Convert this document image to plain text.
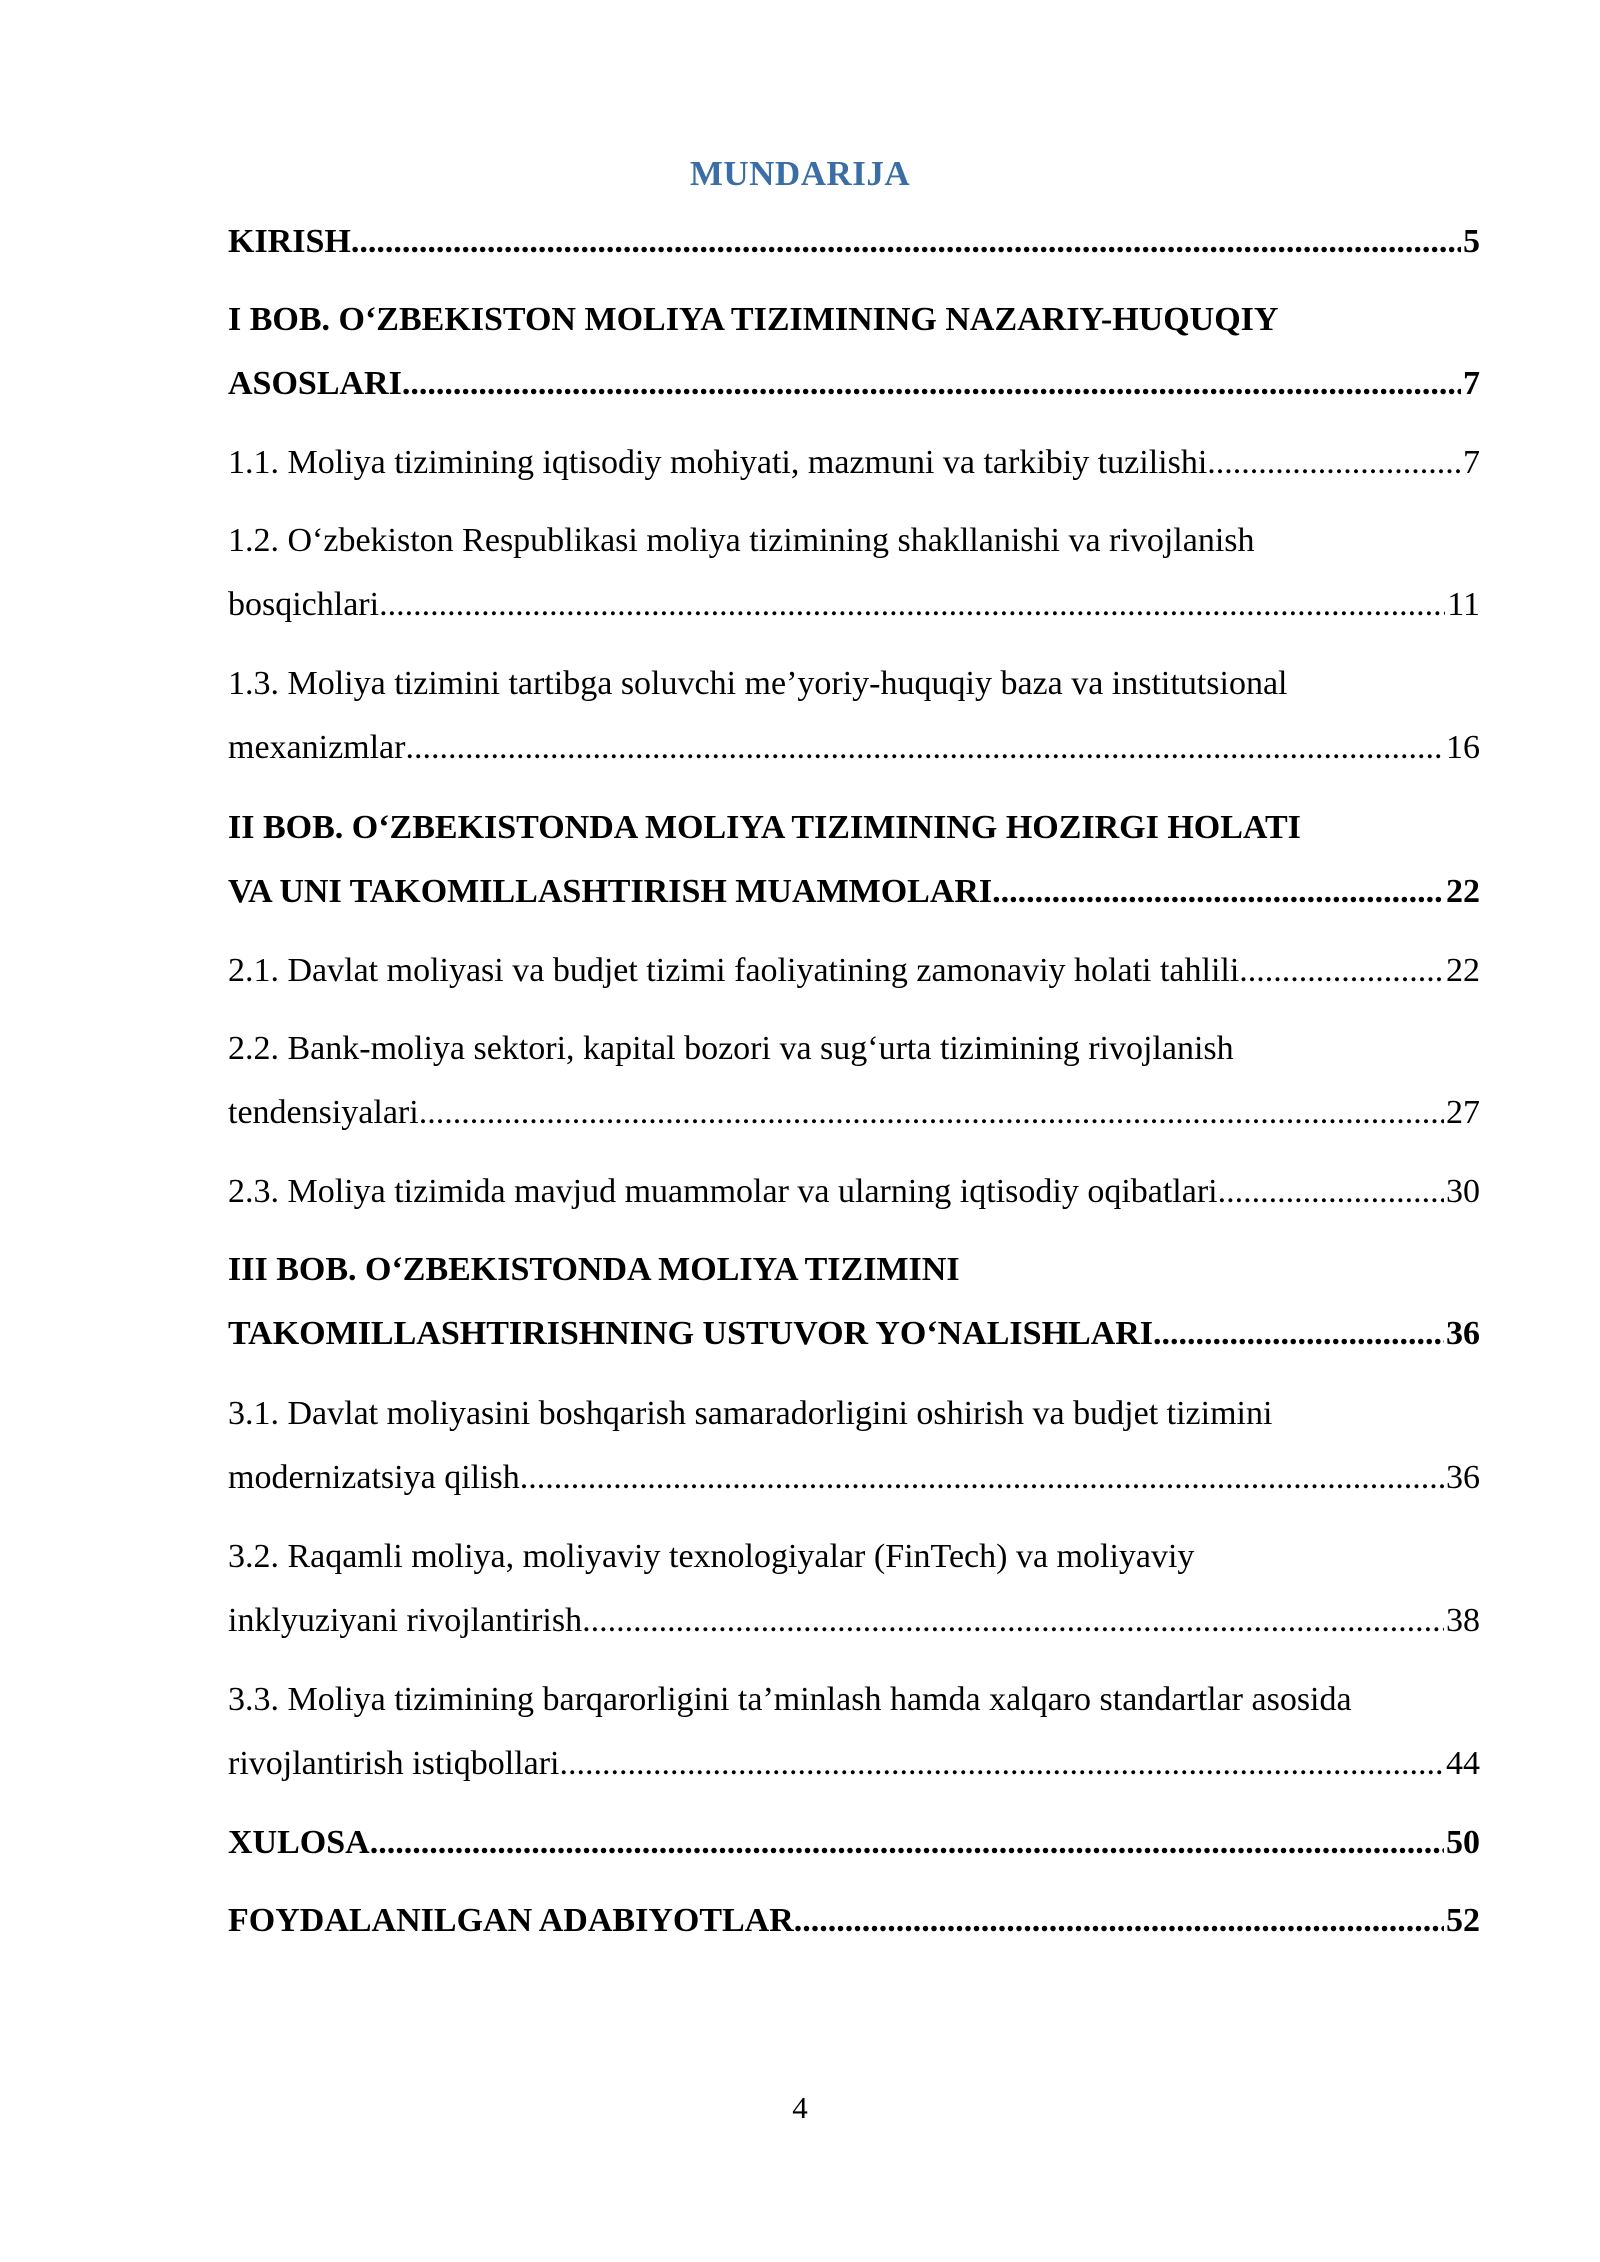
MUNDARIJA
KIRISH .....	5
I BOB. O‘ZBEKISTON MOLIYA TIZIMINING NAZARIY-HUQUQIY
ASOSLARI .....	7
1.1. Moliya tizimining iqtisodiy mohiyati, mazmuni va tarkibiy tuzilishi .....	7
1.2. O‘zbekiston Respublikasi moliya tizimining shakllanishi va rivojlanish
bosqichlari .....	11
1.3. Moliya tizimini tartibga soluvchi me’yoriy-huquqiy baza va institutsional
mexanizmlar .....	16
II BOB. O‘ZBEKISTONDA MOLIYA TIZIMINING HOZIRGI HOLATI
VA UNI TAKOMILLASHTIRISH MUAMMOLARI .....	22
2.1. Davlat moliyasi va budjet tizimi faoliyatining zamonaviy holati tahlili .....	22
2.2. Bank-moliya sektori, kapital bozori va sug‘urta tizimining rivojlanish
tendensiyalari .....	27
2.3. Moliya tizimida mavjud muammolar va ularning iqtisodiy oqibatlari .....	30
III BOB. O‘ZBEKISTONDA MOLIYA TIZIMINI
TAKOMILLASHTIRISHNING USTUVOR YO‘NALISHLARI .....	36
3.1. Davlat moliyasini boshqarish samaradorligini oshirish va budjet tizimini
modernizatsiya qilish .....	36
3.2. Raqamli moliya, moliyaviy texnologiyalar (FinTech) va moliyaviy
inklyuziyani rivojlantirish .....	38
3.3. Moliya tizimining barqarorligini ta’minlash hamda xalqaro standartlar asosida
rivojlantirish istiqbollari .....	44
XULOSA .....	50
FOYDALANILGAN ADABIYOTLAR .....	52
4
